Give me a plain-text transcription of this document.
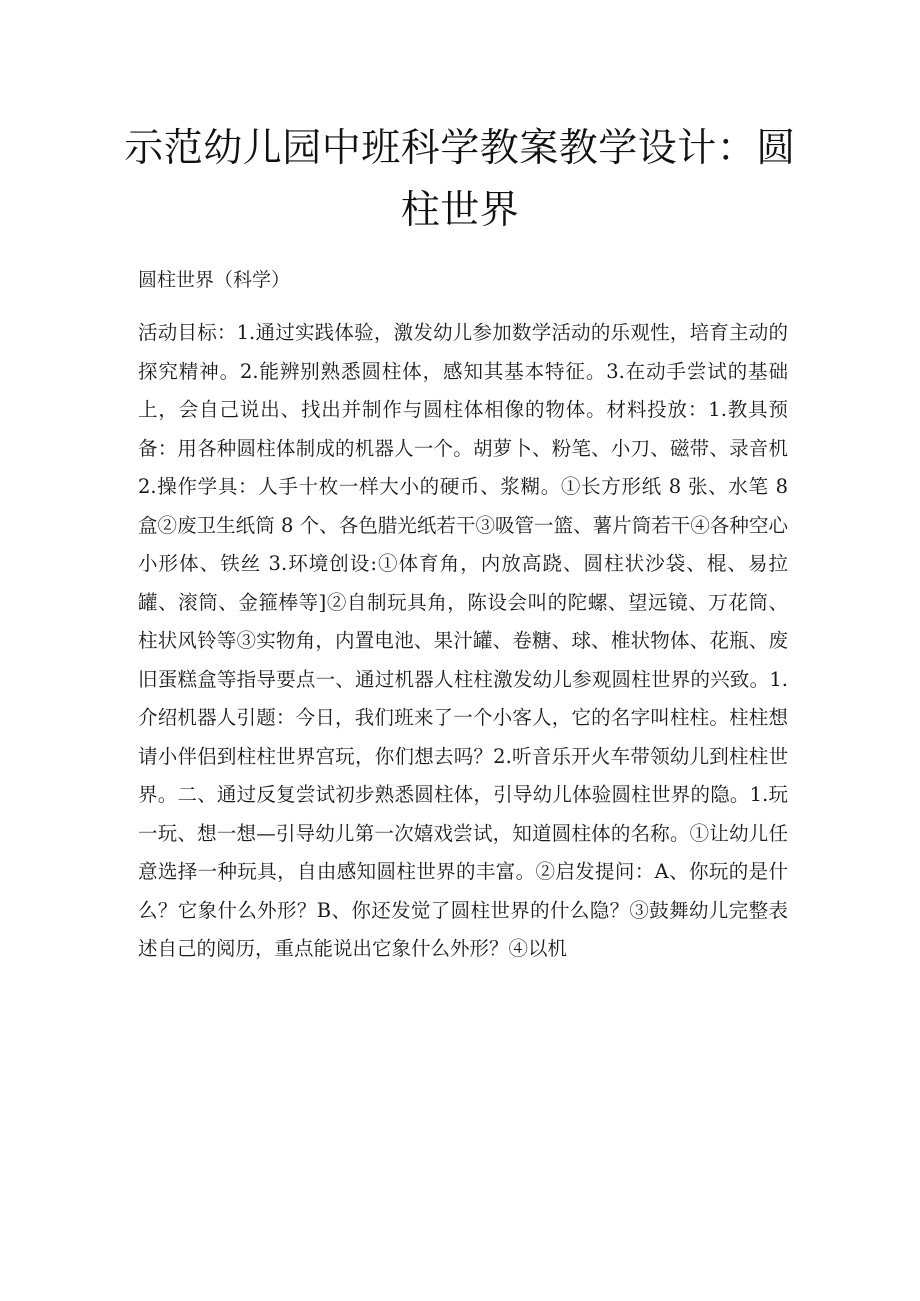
示范幼儿园中班科学教案教学设计：圆柱世界

圆柱世界（科学）

活动目标：1.通过实践体验，激发幼儿参加数学活动的乐观性，培育主动的探究精神。2.能辨别熟悉圆柱体，感知其基本特征。3.在动手尝试的基础上，会自己说出、找出并制作与圆柱体相像的物体。材料投放：1.教具预备：用各种圆柱体制成的机器人一个。胡萝卜、粉笔、小刀、磁带、录音机 2.操作学具：人手十枚一样大小的硬币、浆糊。①长方形纸 8 张、水笔 8 盒②废卫生纸筒 8 个、各色腊光纸若干③吸管一篮、薯片筒若干④各种空心小形体、铁丝 3.环境创设:①体育角，内放高跷、圆柱状沙袋、棍、易拉罐、滚筒、金箍棒等]②自制玩具角，陈设会叫的陀螺、望远镜、万花筒、柱状风铃等③实物角，内置电池、果汁罐、卷糖、球、椎状物体、花瓶、废旧蛋糕盒等指导要点一、通过机器人柱柱激发幼儿参观圆柱世界的兴致。1.介绍机器人引题：今日，我们班来了一个小客人，它的名字叫柱柱。柱柱想请小伴侣到柱柱世界宫玩，你们想去吗？2.听音乐开火车带领幼儿到柱柱世界。二、通过反复尝试初步熟悉圆柱体，引导幼儿体验圆柱世界的隐。1.玩一玩、想一想—引导幼儿第一次嬉戏尝试，知道圆柱体的名称。①让幼儿任意选择一种玩具，自由感知圆柱世界的丰富。②启发提问：A、你玩的是什么？它象什么外形？B、你还发觉了圆柱世界的什么隐？③鼓舞幼儿完整表述自己的阅历，重点能说出它象什么外形？④以机
